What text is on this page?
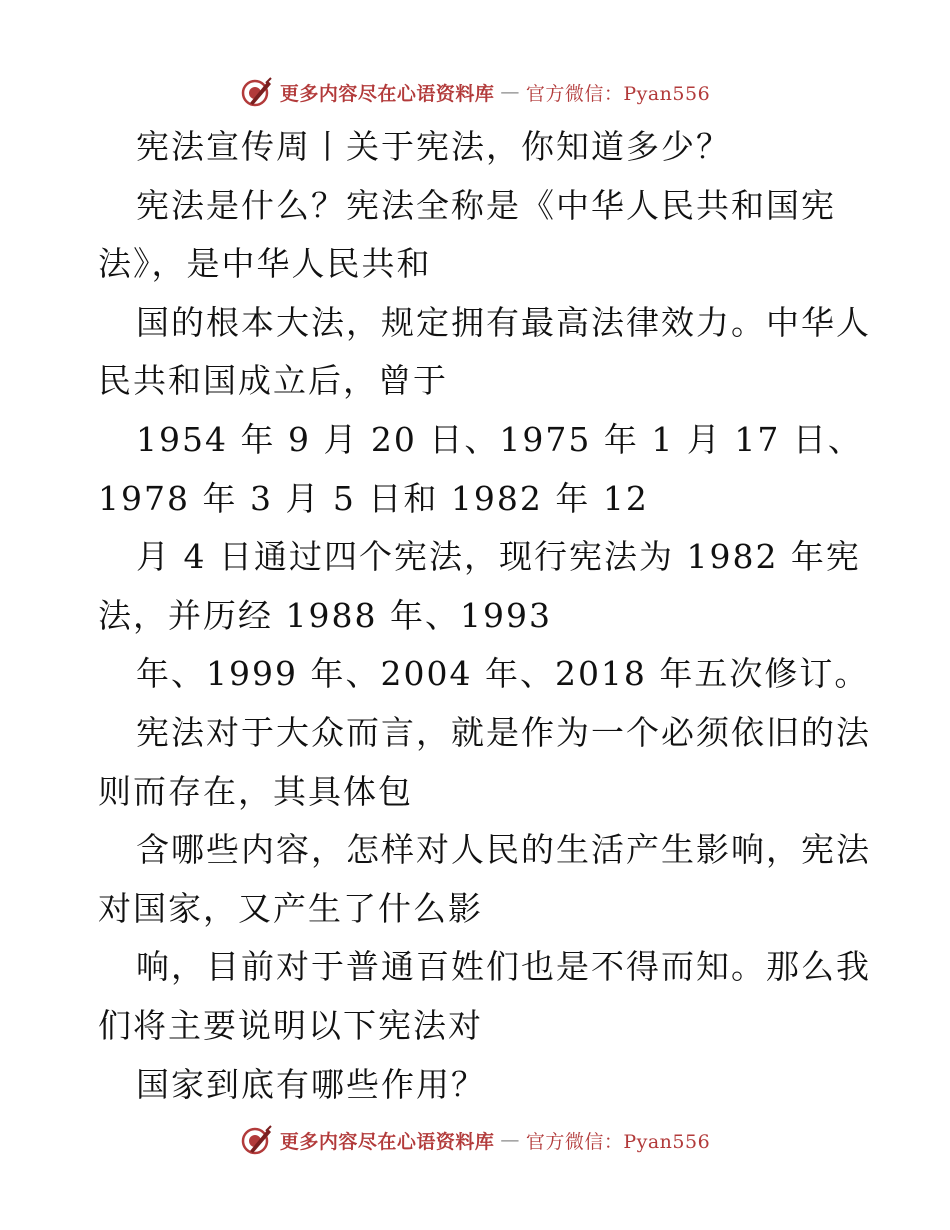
更多内容尽在心语资料库 — 官方微信：Pyan556
宪法宣传周丨关于宪法，你知道多少？
宪法是什么？宪法全称是《中华人民共和国宪
法》，是中华人民共和
国的根本大法，规定拥有最高法律效力。中华人
民共和国成立后，曾于
1954 年 9 月 20 日、1975 年 1 月 17 日、
1978 年 3 月 5 日和 1982 年 12
月 4 日通过四个宪法，现行宪法为 1982 年宪
法，并历经 1988 年、1993
年、1999 年、2004 年、2018 年五次修订。
宪法对于大众而言，就是作为一个必须依旧的法
则而存在，其具体包
含哪些内容，怎样对人民的生活产生影响，宪法
对国家，又产生了什么影
响，目前对于普通百姓们也是不得而知。那么我
们将主要说明以下宪法对
国家到底有哪些作用？
更多内容尽在心语资料库 — 官方微信：Pyan556
